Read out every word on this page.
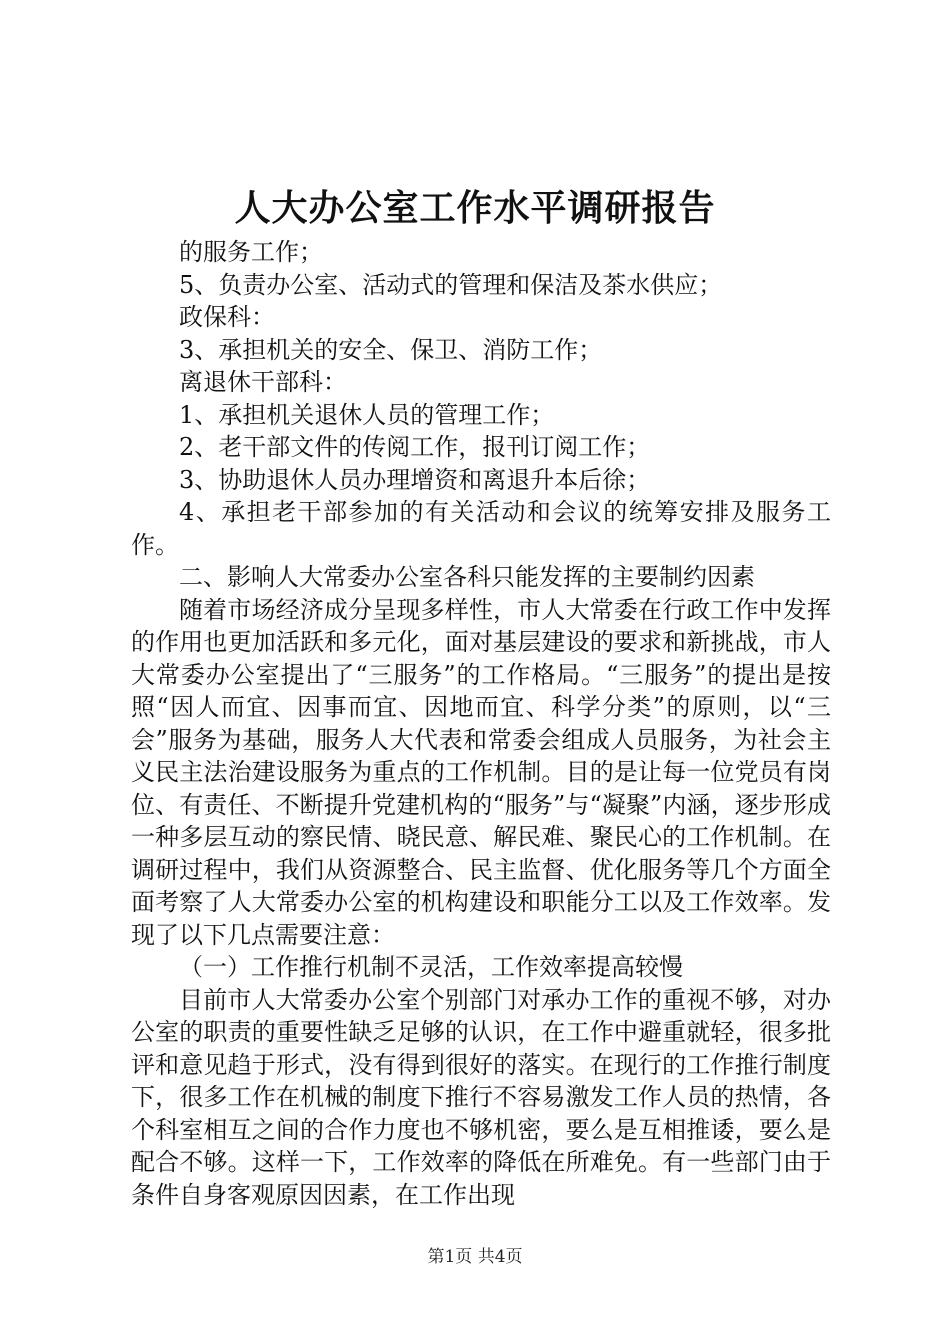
人大办公室工作水平调研报告
的服务工作；
5、负责办公室、活动式的管理和保洁及茶水供应；
政保科：
3、承担机关的安全、保卫、消防工作；
离退休干部科：
1、承担机关退休人员的管理工作；
2、老干部文件的传阅工作，报刊订阅工作；
3、协助退休人员办理增资和离退升本后徐；
4、承担老干部参加的有关活动和会议的统筹安排及服务工作。
二、影响人大常委办公室各科只能发挥的主要制约因素
随着市场经济成分呈现多样性，市人大常委在行政工作中发挥的作用也更加活跃和多元化，面对基层建设的要求和新挑战，市人大常委办公室提出了“三服务”的工作格局。“三服务”的提出是按照“因人而宜、因事而宜、因地而宜、科学分类”的原则，以“三会”服务为基础，服务人大代表和常委会组成人员服务，为社会主义民主法治建设服务为重点的工作机制。目的是让每一位党员有岗位、有责任、不断提升党建机构的“服务”与“凝聚”内涵，逐步形成一种多层互动的察民情、晓民意、解民难、聚民心的工作机制。在调研过程中，我们从资源整合、民主监督、优化服务等几个方面全面考察了人大常委办公室的机构建设和职能分工以及工作效率。发现了以下几点需要注意：
（一）工作推行机制不灵活，工作效率提高较慢
目前市人大常委办公室个别部门对承办工作的重视不够，对办公室的职责的重要性缺乏足够的认识，在工作中避重就轻，很多批评和意见趋于形式，没有得到很好的落实。在现行的工作推行制度下，很多工作在机械的制度下推行不容易激发工作人员的热情，各个科室相互之间的合作力度也不够机密，要么是互相推诿，要么是配合不够。这样一下，工作效率的降低在所难免。有一些部门由于条件自身客观原因因素，在工作出现
第1页 共4页
